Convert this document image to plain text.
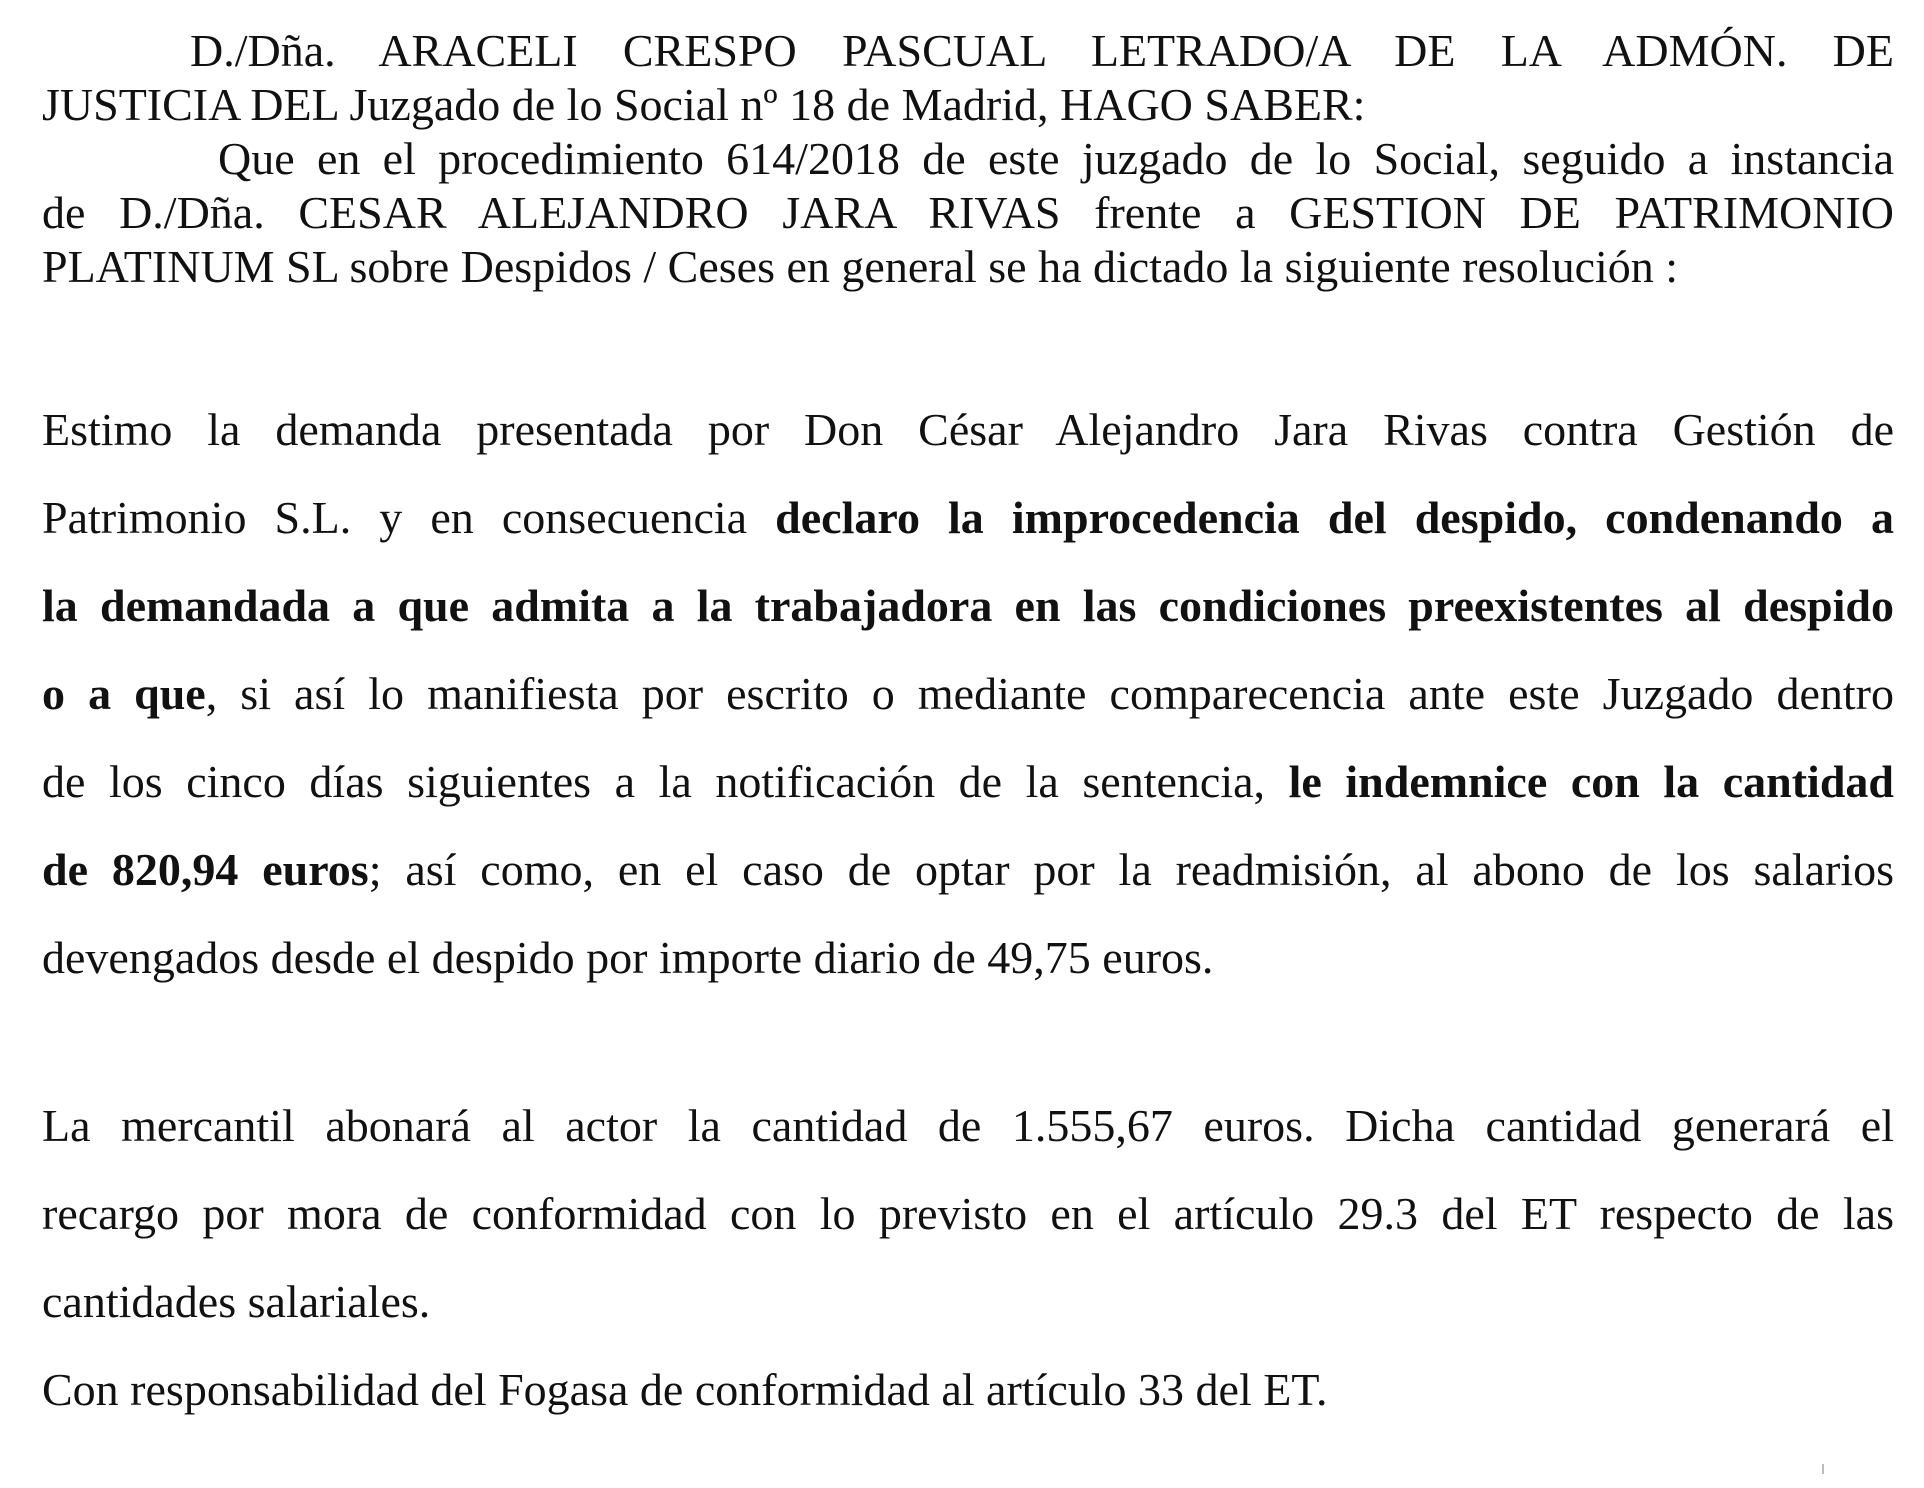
D./Dña. ARACELI CRESPO PASCUAL LETRADO/A DE LA ADMÓN. DE
JUSTICIA DEL Juzgado de lo Social nº 18 de Madrid, HAGO SABER:
Que en el procedimiento 614/2018 de este juzgado de lo Social, seguido a instancia
de D./Dña. CESAR ALEJANDRO JARA RIVAS frente a GESTION DE PATRIMONIO
PLATINUM SL sobre Despidos / Ceses en general se ha dictado la siguiente resolución :
Estimo la demanda presentada por Don César Alejandro Jara Rivas contra Gestión de
Patrimonio S.L. y en consecuencia declaro la improcedencia del despido, condenando a
la demandada a que admita a la trabajadora en las condiciones preexistentes al despido
o a que, si así lo manifiesta por escrito o mediante comparecencia ante este Juzgado dentro
de los cinco días siguientes a la notificación de la sentencia, le indemnice con la cantidad
de 820,94 euros; así como, en el caso de optar por la readmisión, al abono de los salarios
devengados desde el despido por importe diario de 49,75 euros.
La mercantil abonará al actor la cantidad de 1.555,67 euros. Dicha cantidad generará el
recargo por mora de conformidad con lo previsto en el artículo 29.3 del ET respecto de las
cantidades salariales.
Con responsabilidad del Fogasa de conformidad al artículo 33 del ET.
